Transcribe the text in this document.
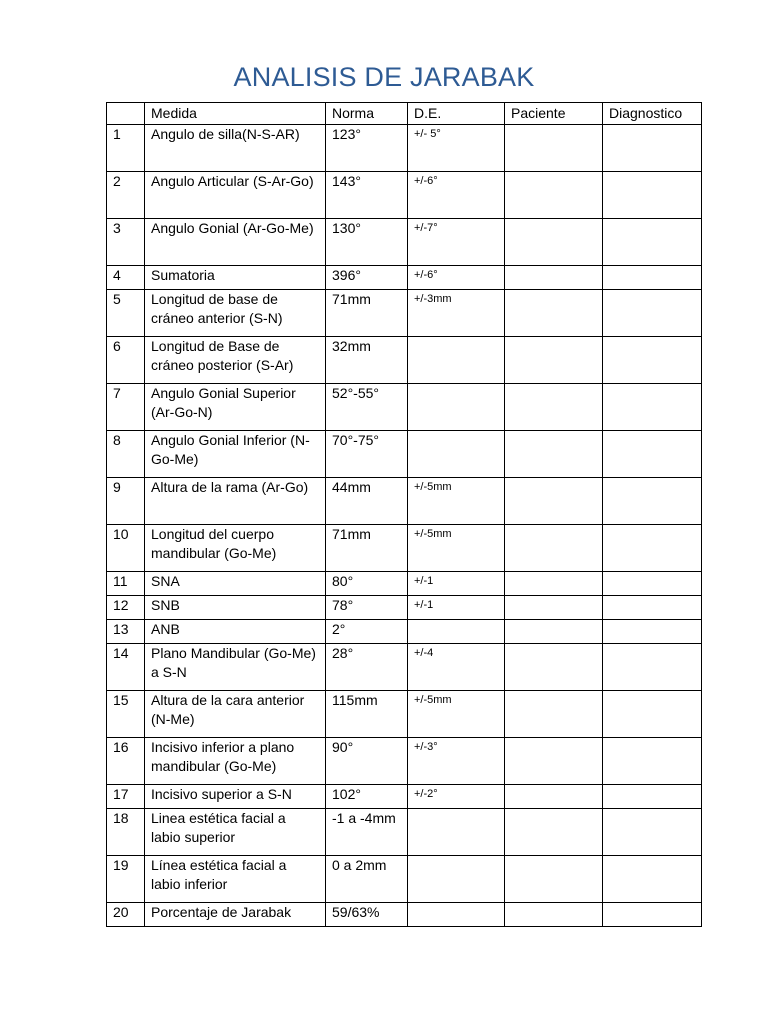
ANALISIS DE JARABAK
	Medida	Norma	D.E.	Paciente	Diagnostico
1	Angulo de silla(N-S-AR)	123°	+/- 5°		
2	Angulo Articular (S-Ar-Go)	143°	+/-6°		
3	Angulo Gonial (Ar-Go-Me)	130°	+/-7°		
4	Sumatoria	396°	+/-6°		
5	Longitud de base de cráneo anterior (S-N)	71mm	+/-3mm		
6	Longitud de Base de cráneo posterior (S-Ar)	32mm			
7	Angulo Gonial Superior (Ar-Go-N)	52°-55°			
8	Angulo Gonial Inferior (N-Go-Me)	70°-75°			
9	Altura de la rama (Ar-Go)	44mm	+/-5mm		
10	Longitud del cuerpo mandibular (Go-Me)	71mm	+/-5mm		
11	SNA	80°	+/-1		
12	SNB	78°	+/-1		
13	ANB	2°			
14	Plano Mandibular (Go-Me) a S-N	28°	+/-4		
15	Altura de la cara anterior (N-Me)	115mm	+/-5mm		
16	Incisivo inferior a plano mandibular (Go-Me)	90°	+/-3°		
17	Incisivo superior a S-N	102°	+/-2°		
18	Linea estética facial a labio superior	-1 a -4mm			
19	Línea estética facial a labio inferior	0 a 2mm			
20	Porcentaje de Jarabak	59/63%			
